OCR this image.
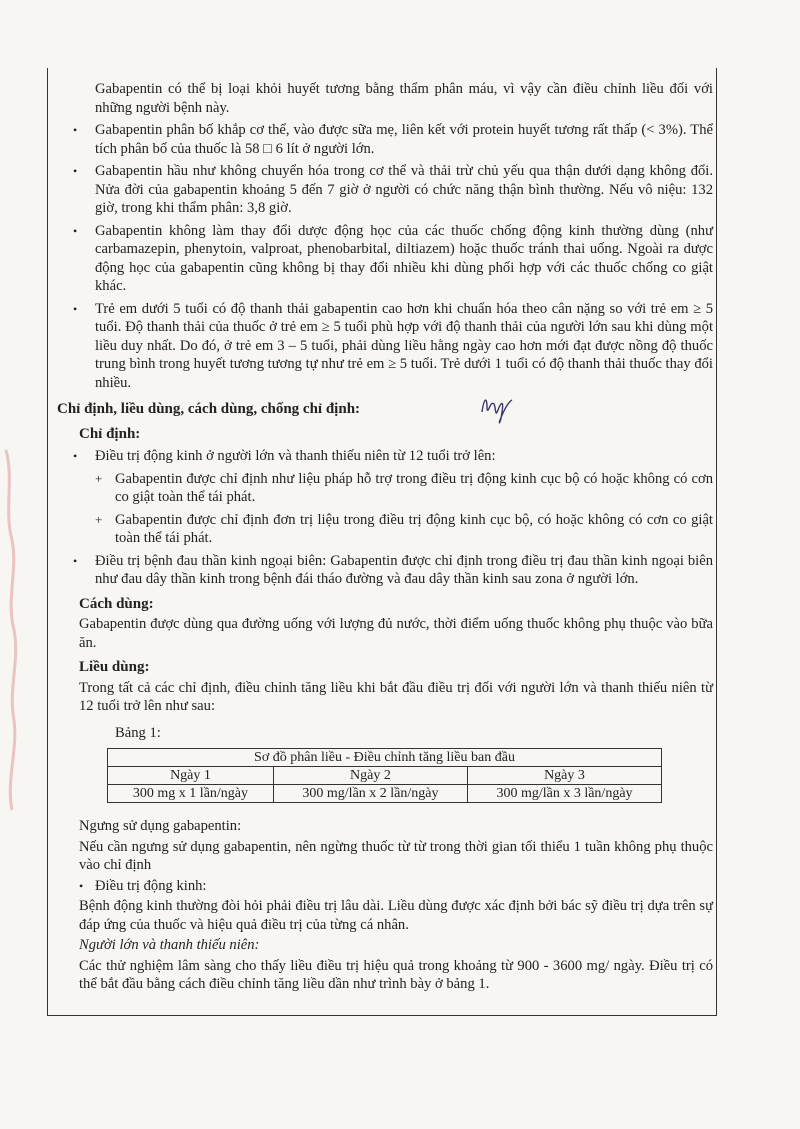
Gabapentin có thể bị loại khỏi huyết tương bằng thẩm phân máu, vì vậy cần điều chỉnh liều đối với những người bệnh này.

• Gabapentin phân bố khắp cơ thể, vào được sữa mẹ, liên kết với protein huyết tương rất thấp (< 3%). Thể tích phân bố của thuốc là 58 □ 6 lít ở người lớn.
• Gabapentin hầu như không chuyển hóa trong cơ thể và thải trừ chủ yếu qua thận dưới dạng không đổi. Nửa đời của gabapentin khoảng 5 đến 7 giờ ở người có chức năng thận bình thường. Nếu vô niệu: 132 giờ, trong khi thẩm phân: 3,8 giờ.
• Gabapentin không làm thay đổi dược động học của các thuốc chống động kinh thường dùng (như carbamazepin, phenytoin, valproat, phenobarbital, diltiazem) hoặc thuốc tránh thai uống. Ngoài ra dược động học của gabapentin cũng không bị thay đổi nhiều khi dùng phối hợp với các thuốc chống co giật khác.
• Trẻ em dưới 5 tuổi có độ thanh thải gabapentin cao hơn khi chuẩn hóa theo cân nặng so với trẻ em ≥ 5 tuổi. Độ thanh thải của thuốc ở trẻ em ≥ 5 tuổi phù hợp với độ thanh thải của người lớn sau khi dùng một liều duy nhất. Do đó, ở trẻ em 3 – 5 tuổi, phải dùng liều hằng ngày cao hơn mới đạt được nồng độ thuốc trung bình trong huyết tương tương tự như trẻ em ≥ 5 tuổi. Trẻ dưới 1 tuổi có độ thanh thải thuốc thay đổi nhiều.

Chỉ định, liều dùng, cách dùng, chống chỉ định:

Chỉ định:

• Điều trị động kinh ở người lớn và thanh thiếu niên từ 12 tuổi trở lên:
+ Gabapentin được chỉ định như liệu pháp hỗ trợ trong điều trị động kinh cục bộ có hoặc không có cơn co giật toàn thể tái phát.
+ Gabapentin được chỉ định đơn trị liệu trong điều trị động kinh cục bộ, có hoặc không có cơn co giật toàn thể tái phát.
• Điều trị bệnh đau thần kinh ngoại biên: Gabapentin được chỉ định trong điều trị đau thần kinh ngoại biên như đau dây thần kinh trong bệnh đái tháo đường và đau dây thần kinh sau zona ở người lớn.

Cách dùng:

Gabapentin được dùng qua đường uống với lượng đủ nước, thời điểm uống thuốc không phụ thuộc vào bữa ăn.

Liều dùng:

Trong tất cả các chỉ định, điều chỉnh tăng liều khi bắt đầu điều trị đối với người lớn và thanh thiếu niên từ 12 tuổi trở lên như sau:

Bảng 1:

Sơ đồ phân liều - Điều chỉnh tăng liều ban đầu		
Ngày 1	Ngày 2	Ngày 3
300 mg x 1 lần/ngày	300 mg/lần x 2 lần/ngày	300 mg/lần x 3 lần/ngày

Ngưng sử dụng gabapentin:

Nếu cần ngưng sử dụng gabapentin, nên ngừng thuốc từ từ trong thời gian tối thiểu 1 tuần không phụ thuộc vào chỉ định

• Điều trị động kinh:

Bệnh động kinh thường đòi hỏi phải điều trị lâu dài. Liều dùng được xác định bởi bác sỹ điều trị dựa trên sự đáp ứng của thuốc và hiệu quả điều trị của từng cá nhân.

Người lớn và thanh thiếu niên:

Các thử nghiệm lâm sàng cho thấy liều điều trị hiệu quả trong khoảng từ 900 - 3600 mg/ ngày. Điều trị có thể bắt đầu bằng cách điều chỉnh tăng liều dần như trình bày ở bảng 1.
